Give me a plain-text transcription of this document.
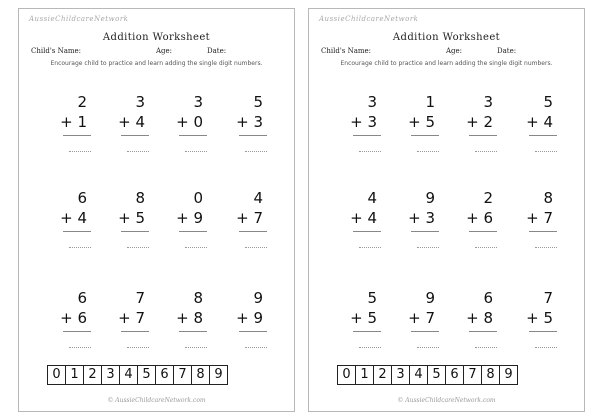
AussieChildcareNetwork
Addition Worksheet
Child's Name:	Age:	Date:
Encourage child to practice and learn adding the single digit numbers.
2
+ 1
3
+ 4
3
+ 0
5
+ 3
6
+ 4
8
+ 5
0
+ 9
4
+ 7
6
+ 6
7
+ 7
8
+ 8
9
+ 9
0 1 2 3 4 5 6 7 8 9
© AussieChildcareNetwork.com
AussieChildcareNetwork
Addition Worksheet
Child's Name:	Age:	Date:
Encourage child to practice and learn adding the single digit numbers.
3
+ 3
1
+ 5
3
+ 2
5
+ 4
4
+ 4
9
+ 3
2
+ 6
8
+ 7
5
+ 5
9
+ 7
6
+ 8
7
+ 5
0 1 2 3 4 5 6 7 8 9
© AussieChildcareNetwork.com
